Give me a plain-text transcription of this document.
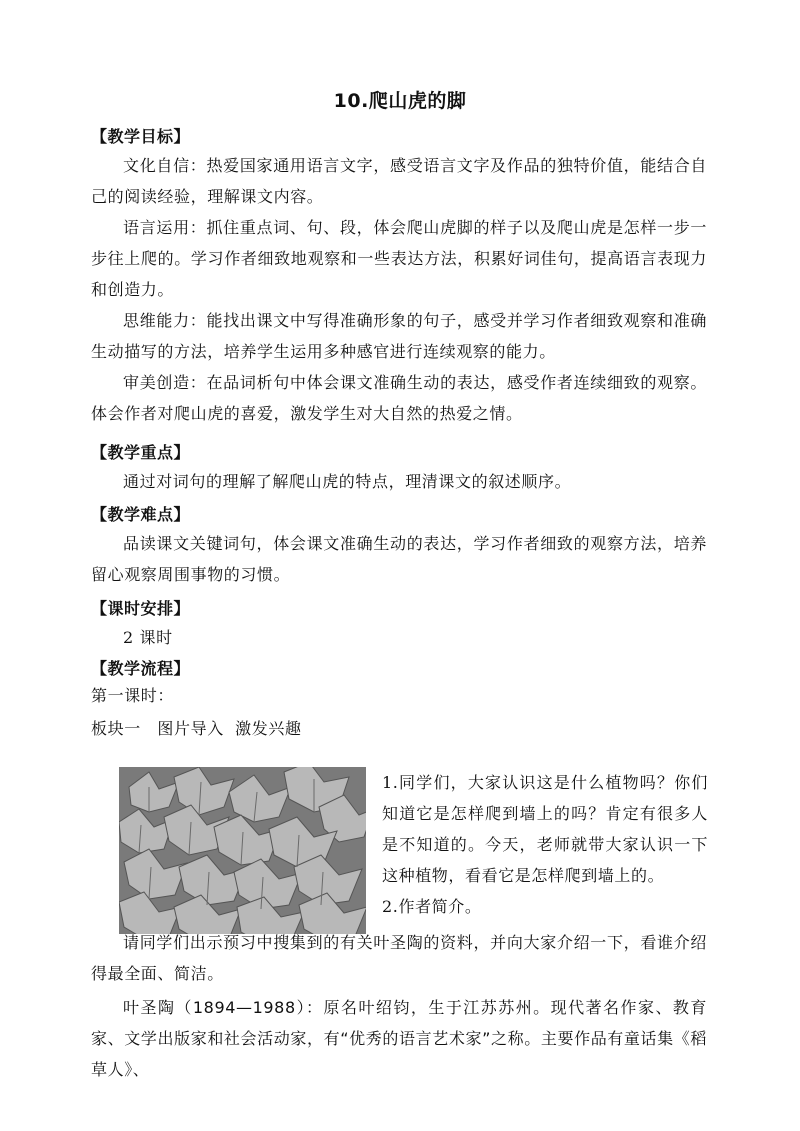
10.爬山虎的脚
【教学目标】

文化自信：热爱国家通用语言文字，感受语言文字及作品的独特价值，能结合自己的阅读经验，理解课文内容。

语言运用：抓住重点词、句、段，体会爬山虎脚的样子以及爬山虎是怎样一步一步往上爬的。学习作者细致地观察和一些表达方法，积累好词佳句，提高语言表现力和创造力。

思维能力：能找出课文中写得准确形象的句子，感受并学习作者细致观察和准确生动描写的方法，培养学生运用多种感官进行连续观察的能力。

审美创造：在品词析句中体会课文准确生动的表达，感受作者连续细致的观察。体会作者对爬山虎的喜爱，激发学生对大自然的热爱之情。

【教学重点】

通过对词句的理解了解爬山虎的特点，理清课文的叙述顺序。

【教学难点】

品读课文关键词句，体会课文准确生动的表达，学习作者细致的观察方法，培养留心观察周围事物的习惯。

【课时安排】

2 课时

【教学流程】
第一课时：
板块一　图片导入  激发兴趣

1.同学们，大家认识这是什么植物吗？你们知道它是怎样爬到墙上的吗？肯定有很多人是不知道的。今天，老师就带大家认识一下这种植物，看看它是怎样爬到墙上的。

2.作者简介。

请同学们出示预习中搜集到的有关叶圣陶的资料，并向大家介绍一下，看谁介绍得最全面、简洁。

叶圣陶（1894—1988）：原名叶绍钧，生于江苏苏州。现代著名作家、教育家、文学出版家和社会活动家，有“优秀的语言艺术家”之称。主要作品有童话集《稻草人》、
